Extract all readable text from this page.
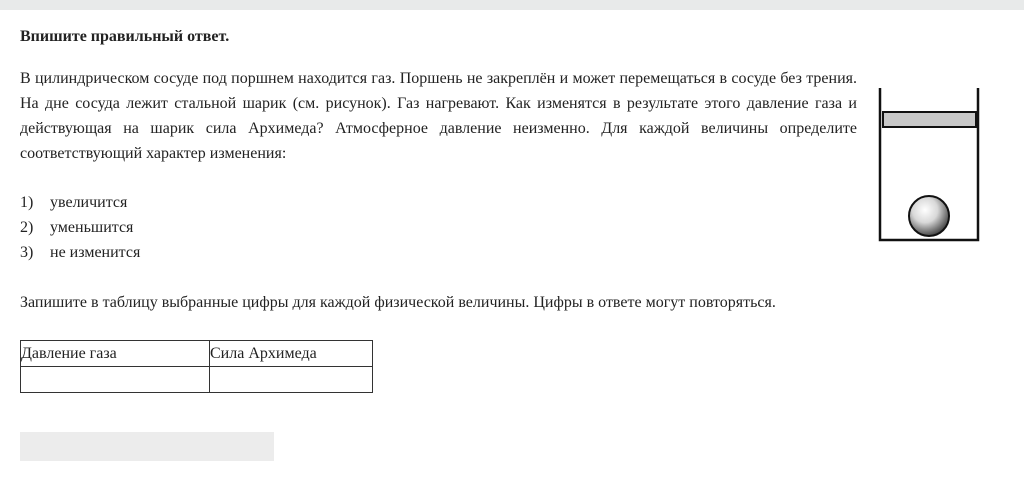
Впишите правильный ответ.

В цилиндрическом сосуде под поршнем находится газ. Поршень не закреплён и может перемещаться в сосуде без трения. На дне сосуда лежит стальной шарик (см. рисунок). Газ нагревают. Как изменятся в результате этого давление газа и действующая на шарик сила Архимеда? Атмосферное давление неизменно. Для каждой величины определите соответствующий характер изменения:

1) увеличится
2) уменьшится
3) не изменится

Запишите в таблицу выбранные цифры для каждой физической величины. Цифры в ответе могут повторяться.

Давление газа	Сила Архимеда
